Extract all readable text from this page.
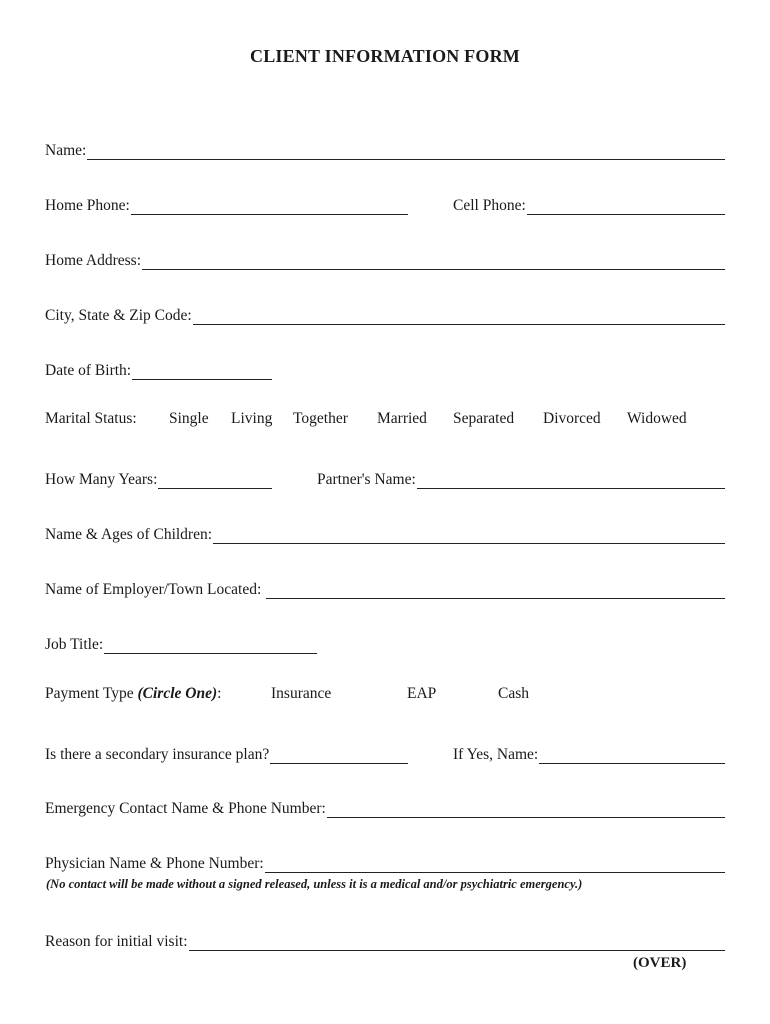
CLIENT INFORMATION FORM
Name:
Home Phone:	Cell Phone:
Home Address:
City, State & Zip Code:
Date of Birth:
Marital Status: Single Living Together Married Separated Divorced Widowed
How Many Years:	Partner's Name:
Name & Ages of Children:
Name of Employer/Town Located:
Job Title:
Payment Type (Circle One):	Insurance	EAP	Cash
Is there a secondary insurance plan?	If Yes, Name:
Emergency Contact Name & Phone Number:
Physician Name & Phone Number:
(No contact will be made without a signed released, unless it is a medical and/or psychiatric emergency.)
Reason for initial visit:
(OVER)
